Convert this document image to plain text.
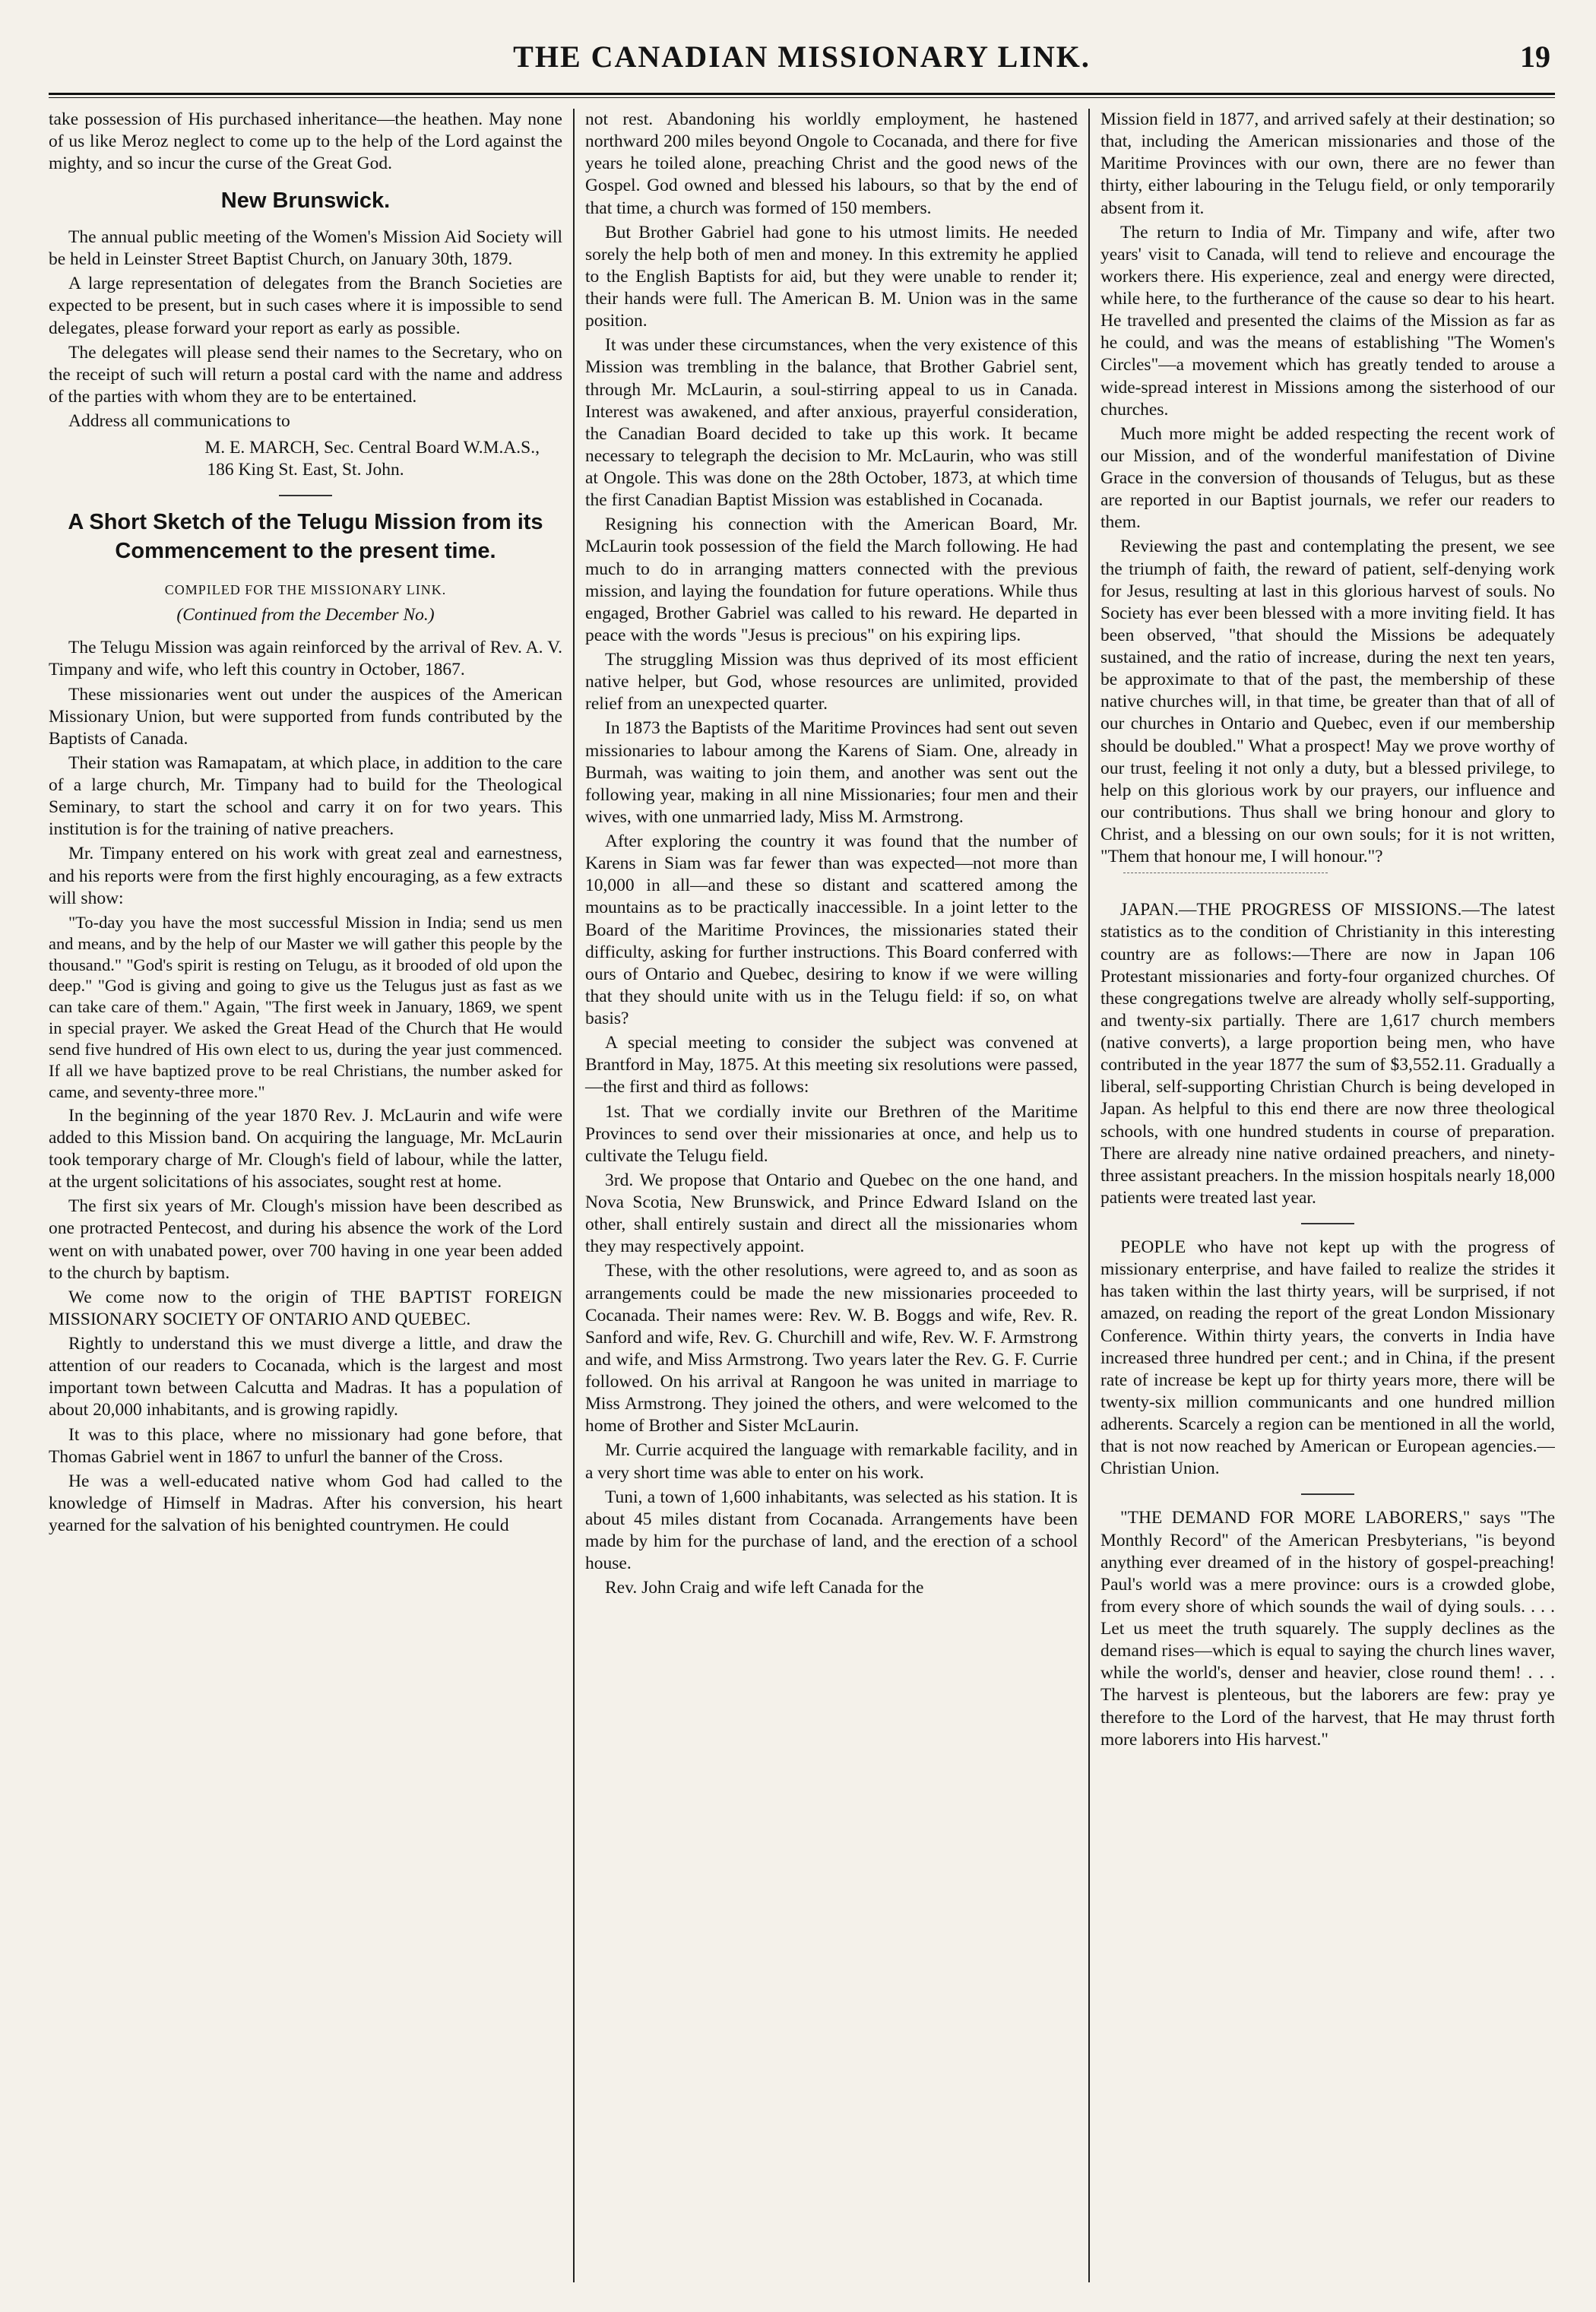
THE CANADIAN MISSIONARY LINK.	19

take possession of His purchased inheritance—the heathen. May none of us like Meroz neglect to come up to the help of the Lord against the mighty, and so incur the curse of the Great God.

New Brunswick.

The annual public meeting of the Women's Mission Aid Society will be held in Leinster Street Baptist Church, on January 30th, 1879.

A large representation of delegates from the Branch Societies are expected to be present, but in such cases where it is impossible to send delegates, please forward your report as early as possible.

The delegates will please send their names to the Secretary, who on the receipt of such will return a postal card with the name and address of the parties with whom they are to be entertained.

Address all communications to

M. E. MARCH, Sec. Central Board W.M.A.S.,

186 King St. East, St. John.

A Short Sketch of the Telugu Mission from its Commencement to the present time.
COMPILED FOR THE MISSIONARY LINK.
(Continued from the December No.)

The Telugu Mission was again reinforced by the arrival of Rev. A. V. Timpany and wife, who left this country in October, 1867.

These missionaries went out under the auspices of the American Missionary Union, but were supported from funds contributed by the Baptists of Canada.

Their station was Ramapatam, at which place, in addition to the care of a large church, Mr. Timpany had to build for the Theological Seminary, to start the school and carry it on for two years. This institution is for the training of native preachers.

Mr. Timpany entered on his work with great zeal and earnestness, and his reports were from the first highly encouraging, as a few extracts will show:

"To-day you have the most successful Mission in India; send us men and means, and by the help of our Master we will gather this people by the thousand." "God's spirit is resting on Telugu, as it brooded of old upon the deep." "God is giving and going to give us the Telugus just as fast as we can take care of them." Again, "The first week in January, 1869, we spent in special prayer. We asked the Great Head of the Church that He would send five hundred of His own elect to us, during the year just commenced. If all we have baptized prove to be real Christians, the number asked for came, and seventy-three more."

In the beginning of the year 1870 Rev. J. McLaurin and wife were added to this Mission band. On acquiring the language, Mr. McLaurin took temporary charge of Mr. Clough's field of labour, while the latter, at the urgent solicitations of his associates, sought rest at home.

The first six years of Mr. Clough's mission have been described as one protracted Pentecost, and during his absence the work of the Lord went on with unabated power, over 700 having in one year been added to the church by baptism.

We come now to the origin of THE BAPTIST FOREIGN MISSIONARY SOCIETY OF ONTARIO AND QUEBEC.

Rightly to understand this we must diverge a little, and draw the attention of our readers to Cocanada, which is the largest and most important town between Calcutta and Madras. It has a population of about 20,000 inhabitants, and is growing rapidly.

It was to this place, where no missionary had gone before, that Thomas Gabriel went in 1867 to unfurl the banner of the Cross.

He was a well-educated native whom God had called to the knowledge of Himself in Madras. After his conversion, his heart yearned for the salvation of his benighted countrymen. He could

not rest. Abandoning his worldly employment, he hastened northward 200 miles beyond Ongole to Cocanada, and there for five years he toiled alone, preaching Christ and the good news of the Gospel. God owned and blessed his labours, so that by the end of that time, a church was formed of 150 members.

But Brother Gabriel had gone to his utmost limits. He needed sorely the help both of men and money. In this extremity he applied to the English Baptists for aid, but they were unable to render it; their hands were full. The American B. M. Union was in the same position.

It was under these circumstances, when the very existence of this Mission was trembling in the balance, that Brother Gabriel sent, through Mr. McLaurin, a soul-stirring appeal to us in Canada. Interest was awakened, and after anxious, prayerful consideration, the Canadian Board decided to take up this work. It became necessary to telegraph the decision to Mr. McLaurin, who was still at Ongole. This was done on the 28th October, 1873, at which time the first Canadian Baptist Mission was established in Cocanada.

Resigning his connection with the American Board, Mr. McLaurin took possession of the field the March following. He had much to do in arranging matters connected with the previous mission, and laying the foundation for future operations. While thus engaged, Brother Gabriel was called to his reward. He departed in peace with the words "Jesus is precious" on his expiring lips.

The struggling Mission was thus deprived of its most efficient native helper, but God, whose resources are unlimited, provided relief from an unexpected quarter.

In 1873 the Baptists of the Maritime Provinces had sent out seven missionaries to labour among the Karens of Siam. One, already in Burmah, was waiting to join them, and another was sent out the following year, making in all nine Missionaries; four men and their wives, with one unmarried lady, Miss M. Armstrong.

After exploring the country it was found that the number of Karens in Siam was far fewer than was expected—not more than 10,000 in all—and these so distant and scattered among the mountains as to be practically inaccessible. In a joint letter to the Board of the Maritime Provinces, the missionaries stated their difficulty, asking for further instructions. This Board conferred with ours of Ontario and Quebec, desiring to know if we were willing that they should unite with us in the Telugu field: if so, on what basis?

A special meeting to consider the subject was convened at Brantford in May, 1875. At this meeting six resolutions were passed,—the first and third as follows:

1st. That we cordially invite our Brethren of the Maritime Provinces to send over their missionaries at once, and help us to cultivate the Telugu field.

3rd. We propose that Ontario and Quebec on the one hand, and Nova Scotia, New Brunswick, and Prince Edward Island on the other, shall entirely sustain and direct all the missionaries whom they may respectively appoint.

These, with the other resolutions, were agreed to, and as soon as arrangements could be made the new missionaries proceeded to Cocanada. Their names were: Rev. W. B. Boggs and wife, Rev. R. Sanford and wife, Rev. G. Churchill and wife, Rev. W. F. Armstrong and wife, and Miss Armstrong. Two years later the Rev. G. F. Currie followed. On his arrival at Rangoon he was united in marriage to Miss Armstrong. They joined the others, and were welcomed to the home of Brother and Sister McLaurin.

Mr. Currie acquired the language with remarkable facility, and in a very short time was able to enter on his work.

Tuni, a town of 1,600 inhabitants, was selected as his station. It is about 45 miles distant from Cocanada. Arrangements have been made by him for the purchase of land, and the erection of a school house.

Rev. John Craig and wife left Canada for the

Mission field in 1877, and arrived safely at their destination; so that, including the American missionaries and those of the Maritime Provinces with our own, there are no fewer than thirty, either labouring in the Telugu field, or only temporarily absent from it.

The return to India of Mr. Timpany and wife, after two years' visit to Canada, will tend to relieve and encourage the workers there. His experience, zeal and energy were directed, while here, to the furtherance of the cause so dear to his heart. He travelled and presented the claims of the Mission as far as he could, and was the means of establishing "The Women's Circles"—a movement which has greatly tended to arouse a wide-spread interest in Missions among the sisterhood of our churches.

Much more might be added respecting the recent work of our Mission, and of the wonderful manifestation of Divine Grace in the conversion of thousands of Telugus, but as these are reported in our Baptist journals, we refer our readers to them.

Reviewing the past and contemplating the present, we see the triumph of faith, the reward of patient, self-denying work for Jesus, resulting at last in this glorious harvest of souls. No Society has ever been blessed with a more inviting field. It has been observed, "that should the Missions be adequately sustained, and the ratio of increase, during the next ten years, be approximate to that of the past, the membership of these native churches will, in that time, be greater than that of all of our churches in Ontario and Quebec, even if our membership should be doubled." What a prospect! May we prove worthy of our trust, feeling it not only a duty, but a blessed privilege, to help on this glorious work by our prayers, our influence and our contributions. Thus shall we bring honour and glory to Christ, and a blessing on our own souls; for it is not written, "Them that honour me, I will honour."?

JAPAN.—THE PROGRESS OF MISSIONS.—The latest statistics as to the condition of Christianity in this interesting country are as follows:—There are now in Japan 106 Protestant missionaries and forty-four organized churches. Of these congregations twelve are already wholly self-supporting, and twenty-six partially. There are 1,617 church members (native converts), a large proportion being men, who have contributed in the year 1877 the sum of $3,552.11. Gradually a liberal, self-supporting Christian Church is being developed in Japan. As helpful to this end there are now three theological schools, with one hundred students in course of preparation. There are already nine native ordained preachers, and ninety-three assistant preachers. In the mission hospitals nearly 18,000 patients were treated last year.

PEOPLE who have not kept up with the progress of missionary enterprise, and have failed to realize the strides it has taken within the last thirty years, will be surprised, if not amazed, on reading the report of the great London Missionary Conference. Within thirty years, the converts in India have increased three hundred per cent.; and in China, if the present rate of increase be kept up for thirty years more, there will be twenty-six million communicants and one hundred million adherents. Scarcely a region can be mentioned in all the world, that is not now reached by American or European agencies.— Christian Union.

"THE DEMAND FOR MORE LABORERS," says "The Monthly Record" of the American Presbyterians, "is beyond anything ever dreamed of in the history of gospel-preaching! Paul's world was a mere province: ours is a crowded globe, from every shore of which sounds the wail of dying souls. . . . Let us meet the truth squarely. The supply declines as the demand rises—which is equal to saying the church lines waver, while the world's, denser and heavier, close round them! . . . The harvest is plenteous, but the laborers are few: pray ye therefore to the Lord of the harvest, that He may thrust forth more laborers into His harvest."
